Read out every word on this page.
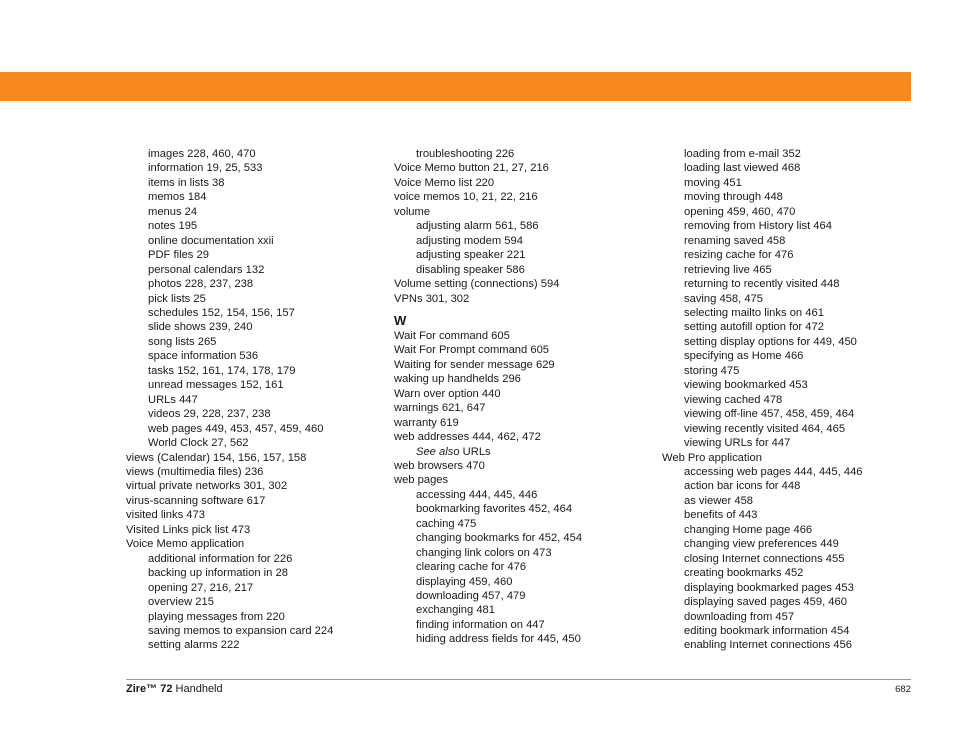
images 228, 460, 470
information 19, 25, 533
items in lists 38
memos 184
menus 24
notes 195
online documentation xxii
PDF files 29
personal calendars 132
photos 228, 237, 238
pick lists 25
schedules 152, 154, 156, 157
slide shows 239, 240
song lists 265
space information 536
tasks 152, 161, 174, 178, 179
unread messages 152, 161
URLs 447
videos 29, 228, 237, 238
web pages 449, 453, 457, 459, 460
World Clock 27, 562
views (Calendar) 154, 156, 157, 158
views (multimedia files) 236
virtual private networks 301, 302
virus-scanning software 617
visited links 473
Visited Links pick list 473
Voice Memo application
additional information for 226
backing up information in 28
opening 27, 216, 217
overview 215
playing messages from 220
saving memos to expansion card 224
setting alarms 222
troubleshooting 226
Voice Memo button 21, 27, 216
Voice Memo list 220
voice memos 10, 21, 22, 216
volume
adjusting alarm 561, 586
adjusting modem 594
adjusting speaker 221
disabling speaker 586
Volume setting (connections) 594
VPNs 301, 302
W
Wait For command 605
Wait For Prompt command 605
Waiting for sender message 629
waking up handhelds 296
Warn over option 440
warnings 621, 647
warranty 619
web addresses 444, 462, 472
See also URLs
web browsers 470
web pages
accessing 444, 445, 446
bookmarking favorites 452, 464
caching 475
changing bookmarks for 452, 454
changing link colors on 473
clearing cache for 476
displaying 459, 460
downloading 457, 479
exchanging 481
finding information on 447
hiding address fields for 445, 450
loading from e-mail 352
loading last viewed 468
moving 451
moving through 448
opening 459, 460, 470
removing from History list 464
renaming saved 458
resizing cache for 476
retrieving live 465
returning to recently visited 448
saving 458, 475
selecting mailto links on 461
setting autofill option for 472
setting display options for 449, 450
specifying as Home 466
storing 475
viewing bookmarked 453
viewing cached 478
viewing off-line 457, 458, 459, 464
viewing recently visited 464, 465
viewing URLs for 447
Web Pro application
accessing web pages 444, 445, 446
action bar icons for 448
as viewer 458
benefits of 443
changing Home page 466
changing view preferences 449
closing Internet connections 455
creating bookmarks 452
displaying bookmarked pages 453
displaying saved pages 459, 460
downloading from 457
editing bookmark information 454
enabling Internet connections 456
Zire™ 72 Handheld	682
